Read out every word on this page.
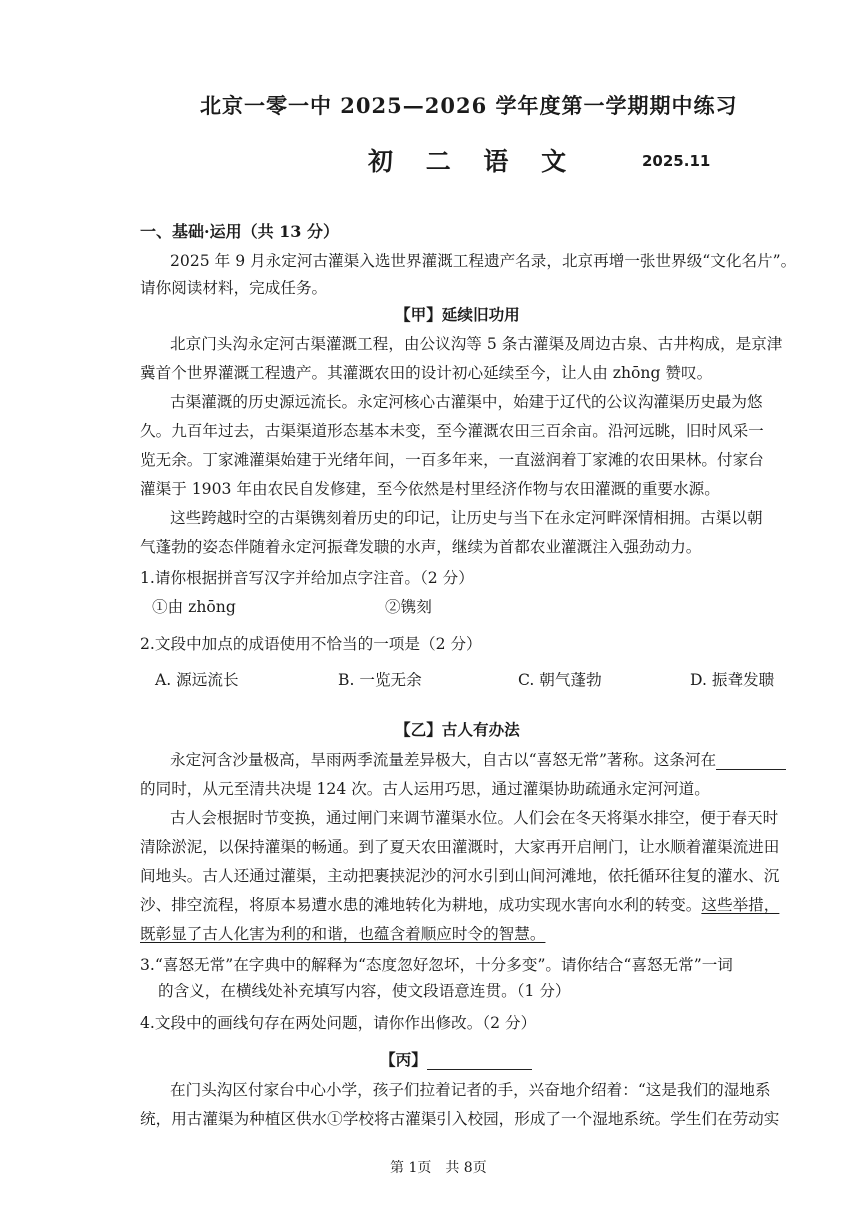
北京一零一中 2025—2026 学年度第一学期期中练习
初 二 语 文	2025.11
一、基础·运用（共 13 分）
2025 年 9 月永定河古灌渠入选世界灌溉工程遗产名录，北京再增一张世界级“文化名片”。
请你阅读材料，完成任务。
【甲】延续旧功用
北京门头沟永定河古渠灌溉工程，由公议沟等 5 条古灌渠及周边古泉、古井构成，是京津
冀首个世界灌溉工程遗产。其灌溉农田的设计初心延续至今，让人由 zhōng 赞叹。
古渠灌溉的历史源远流长。永定河核心古灌渠中，始建于辽代的公议沟灌渠历史最为悠
久。九百年过去，古渠渠道形态基本未变，至今灌溉农田三百余亩。沿河远眺，旧时风采一
览无余。丁家滩灌渠始建于光绪年间，一百多年来，一直滋润着丁家滩的农田果林。付家台
灌渠于 1903 年由农民自发修建，至今依然是村里经济作物与农田灌溉的重要水源。
这些跨越时空的古渠镌刻着历史的印记，让历史与当下在永定河畔深情相拥。古渠以朝
气蓬勃的姿态伴随着永定河振聋发聩的水声，继续为首都农业灌溉注入强劲动力。
1.请你根据拼音写汉字并给加点字注音。（2 分）
①由 zhōng	②镌刻
2.文段中加点的成语使用不恰当的一项是（2 分）
A. 源远流长	B. 一览无余	C. 朝气蓬勃	D. 振聋发聩
【乙】古人有办法
永定河含沙量极高，旱雨两季流量差异极大，自古以“喜怒无常”著称。这条河在
的同时，从元至清共决堤 124 次。古人运用巧思，通过灌渠协助疏通永定河河道。
古人会根据时节变换，通过闸门来调节灌渠水位。人们会在冬天将渠水排空，便于春天时
清除淤泥，以保持灌渠的畅通。到了夏天农田灌溉时，大家再开启闸门，让水顺着灌渠流进田
间地头。古人还通过灌渠，主动把裹挟泥沙的河水引到山间河滩地，依托循环往复的灌水、沉
沙、排空流程，将原本易遭水患的滩地转化为耕地，成功实现水害向水利的转变。这些举措，
既彰显了古人化害为利的和谐，也蕴含着顺应时令的智慧。
3.“喜怒无常”在字典中的解释为“态度忽好忽坏，十分多变”。请你结合“喜怒无常”一词
的含义，在横线处补充填写内容，使文段语意连贯。（1 分）
4.文段中的画线句存在两处问题，请你作出修改。（2 分）
【丙】
在门头沟区付家台中心小学，孩子们拉着记者的手，兴奋地介绍着：“这是我们的湿地系
统，用古灌渠为种植区供水①学校将古灌渠引入校园，形成了一个湿地系统。学生们在劳动实
第 1页　共 8页
